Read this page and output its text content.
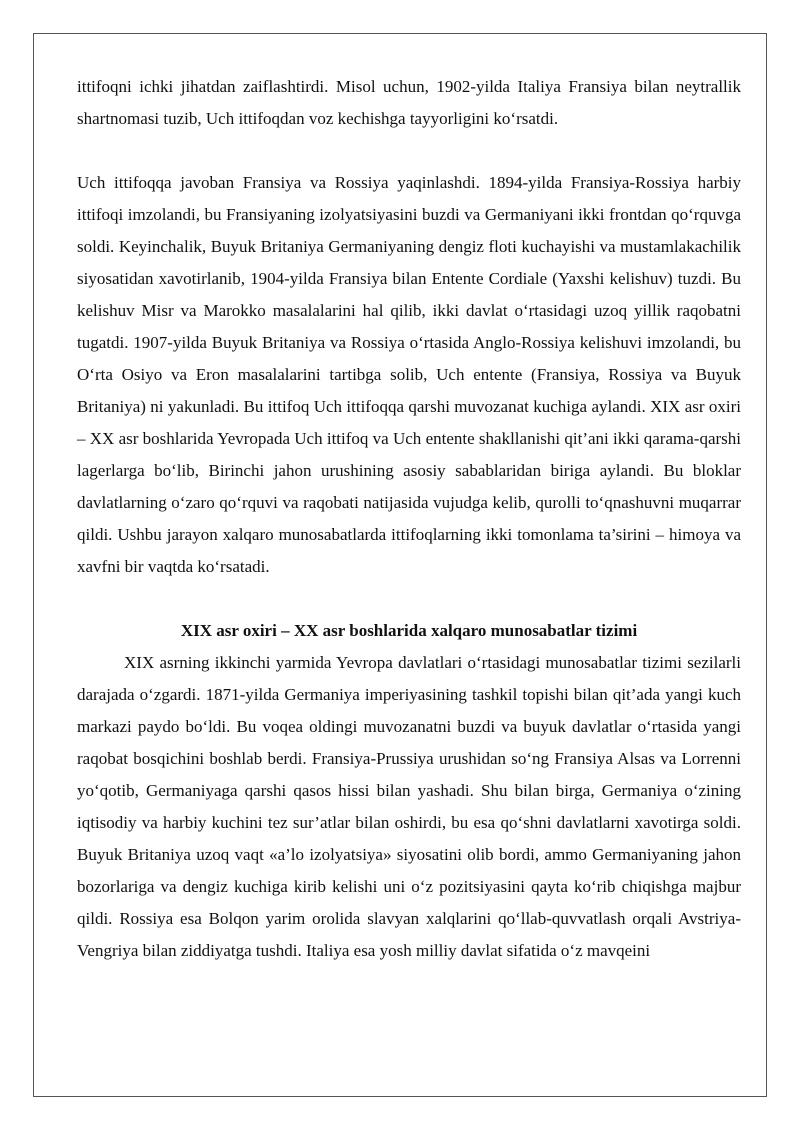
ittifoqni ichki jihatdan zaiflashtirdi. Misol uchun, 1902-yilda Italiya Fransiya bilan neytrallik shartnomasi tuzib, Uch ittifoqdan voz kechishga tayyorligini ko‘rsatdi.

Uch ittifoqqa javoban Fransiya va Rossiya yaqinlashdi. 1894-yilda Fransiya-Rossiya harbiy ittifoqi imzolandi, bu Fransiyaning izolyatsiyasini buzdi va Germaniyani ikki frontdan qo‘rquvga soldi. Keyinchalik, Buyuk Britaniya Germaniyaning dengiz floti kuchayishi va mustamlakachilik siyosatidan xavotirlanib, 1904-yilda Fransiya bilan Entente Cordiale (Yaxshi kelishuv) tuzdi. Bu kelishuv Misr va Marokko masalalarini hal qilib, ikki davlat o‘rtasidagi uzoq yillik raqobatni tugatdi. 1907-yilda Buyuk Britaniya va Rossiya o‘rtasida Anglo-Rossiya kelishuvi imzolandi, bu O‘rta Osiyo va Eron masalalarini tartibga solib, Uch entente (Fransiya, Rossiya va Buyuk Britaniya) ni yakunladi. Bu ittifoq Uch ittifoqqa qarshi muvozanat kuchiga aylandi. XIX asr oxiri – XX asr boshlarida Yevropada Uch ittifoq va Uch entente shakllanishi qit’ani ikki qarama-qarshi lagerlarga bo‘lib, Birinchi jahon urushining asosiy sabablaridan biriga aylandi. Bu bloklar davlatlarning o‘zaro qo‘rquvi va raqobati natijasida vujudga kelib, qurolli to‘qnashuvni muqarrar qildi. Ushbu jarayon xalqaro munosabatlarda ittifoqlarning ikki tomonlama ta’sirini – himoya va xavfni bir vaqtda ko‘rsatadi.

XIX asr oxiri – XX asr boshlarida xalqaro munosabatlar tizimi

XIX asrning ikkinchi yarmida Yevropa davlatlari o‘rtasidagi munosabatlar tizimi sezilarli darajada o‘zgardi. 1871-yilda Germaniya imperiyasining tashkil topishi bilan qit’ada yangi kuch markazi paydo bo‘ldi. Bu voqea oldingi muvozanatni buzdi va buyuk davlatlar o‘rtasida yangi raqobat bosqichini boshlab berdi. Fransiya-Prussiya urushidan so‘ng Fransiya Alsas va Lorrenni yo‘qotib, Germaniyaga qarshi qasos hissi bilan yashadi. Shu bilan birga, Germaniya o‘zining iqtisodiy va harbiy kuchini tez sur’atlar bilan oshirdi, bu esa qo‘shni davlatlarni xavotirga soldi. Buyuk Britaniya uzoq vaqt «a’lo izolyatsiya» siyosatini olib bordi, ammo Germaniyaning jahon bozorlariga va dengiz kuchiga kirib kelishi uni o‘z pozitsiyasini qayta ko‘rib chiqishga majbur qildi. Rossiya esa Bolqon yarim orolida slavyan xalqlarini qo‘llab-quvvatlash orqali Avstriya-Vengriya bilan ziddiyatga tushdi. Italiya esa yosh milliy davlat sifatida o‘z mavqeini
